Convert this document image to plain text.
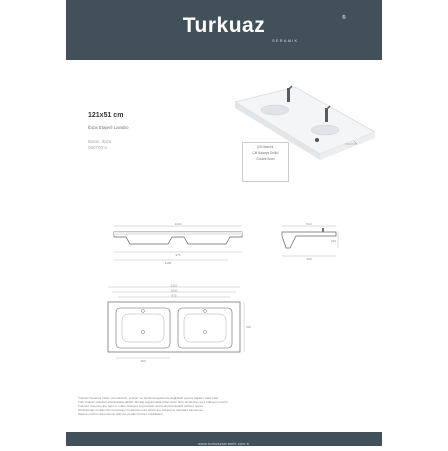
Turkuaz	®
SERAMIK
121x51 cm
İbiza Etajerli Lavabo
Basin, Ibiza
050700-u	Çift Hazneli,
Çift Batarya Delikli
Double Bowl
1210
975
1195
510
210
460
1210
1020
975
510
400
Turkuaz Seramik haber vermeksizin, ürünler ve teknik detaylarında değişiklik yapma hakkını saklı tutar.
Tüm ürünler standart toleranslara tabidir. Montaj uygulamalarından önce ürün ölçülerinin teyit edilmesi önerilir.
Turkuaz reserves the right to make changes to products and technical details without notice.
All drawings contain the necessary measurements which are subject to standard tolerances.
Please confirm dimensions with the product before installation.
www.turkuazseramik.com.tr
